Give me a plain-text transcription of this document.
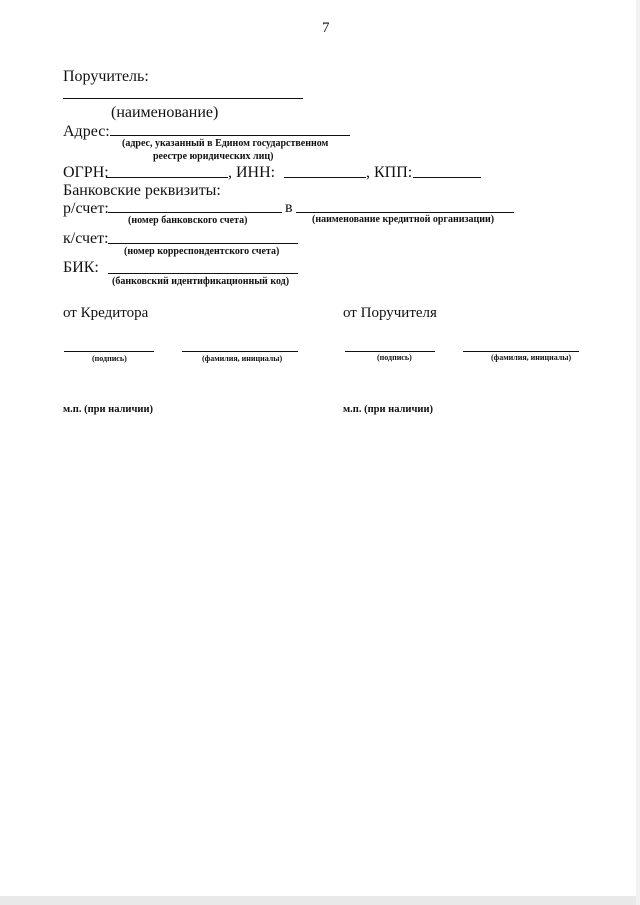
7
Поручитель:
(наименование)
Адрес:
(адрес, указанный в Едином государственном
реестре юридических лиц)
ОГРН:	, ИНН:	, КПП:
Банковские реквизиты:
р/счет:	в
(номер банковского счета)	(наименование кредитной организации)
к/счет:
(номер корреспондентского счета)
БИК:
(банковский идентификационный код)
от Кредитора	от Поручителя
(подпись)	(фамилия, инициалы)	(подпись)	(фамилия, инициалы)
м.п. (при наличии)	м.п. (при наличии)
